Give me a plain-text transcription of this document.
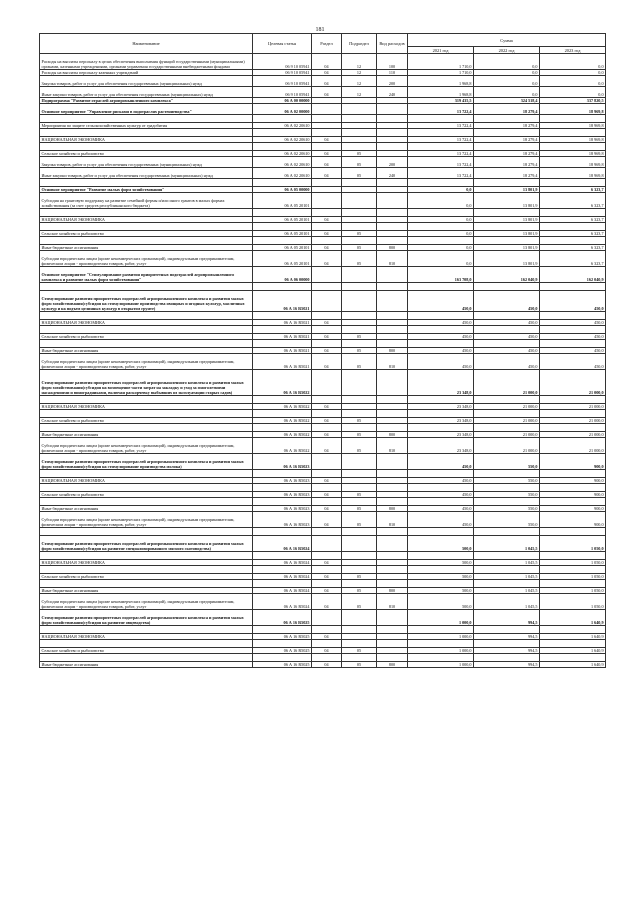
181
Наименование	Целевая статья	Раздел	Подраздел	Вид расходов	Сумма		
					2021 год	2022 год	2023 год
Расходы на выплаты персоналу в целях обеспечения выполнения функций государственными (муниципальными) органами, казенными учреждениями, органами управления государственными внебюджетными фондами	06 9 10 05941	04	12	100	1 710,0	0,0	0,0
Расходы на выплаты персоналу казенных учреждений	06 9 10 05941	04	12	110	1 710,0	0,0	0,0
Закупка товаров, работ и услуг для обеспечения государственных (муниципальных) нужд	06 9 10 05941	04	12	200	1 968,8	0,0	0,0
Иные закупки товаров, работ и услуг для обеспечения государственных (муниципальных) нужд	06 9 10 05941	04	12	240	1 968,8	0,0	0,0
Подпрограмма "Развитие отраслей агропромышленного комплекса"	06 А 00 00000				319 435,5	324 518,4	337 820,5
Основное мероприятие "Управление рисками в подотраслях растениеводства"	06 А 02 00000				13 722,4	18 279,4	18 969,8

Мероприятия по защите сельскохозяйственных культур от градобития	06 А 02 20610				13 722,4	18 279,4	18 969,8

НАЦИОНАЛЬНАЯ ЭКОНОМИКА	06 А 02 20610	04			13 722,4	18 279,4	18 969,8

Сельское хозяйство и рыболовство	06 А 02 20610	04	05		13 722,4	18 279,4	18 969,8
Закупка товаров, работ и услуг для обеспечения государственных (муниципальных) нужд	06 А 02 20610	04	05	200	13 722,4	18 279,4	18 969,8
Иные закупки товаров, работ и услуг для обеспечения государственных (муниципальных) нужд	06 А 02 20610	04	05	240	13 722,4	18 279,4	18 969,8

Основное мероприятие "Развитие малых форм хозяйствования"	06 А 05 00000				0,0	13 801,9	6 323,7
Субсидия на грантовую поддержку на развитие семейной фермы и/или иного грантов в малых формах хозяйствования (за счет средств республиканского бюджета)	06 А 05 20101				0,0	13 801,9	6 323,7

НАЦИОНАЛЬНАЯ ЭКОНОМИКА	06 А 05 20101	04			0,0	13 801,9	6 323,7

Сельское хозяйство и рыболовство	06 А 05 20101	04	05		0,0	13 801,9	6 323,7

Иные бюджетные ассигнования	06 А 05 20101	04	05	800	0,0	13 801,9	6 323,7
Субсидии юридическим лицам (кроме некоммерческих организаций), индивидуальным предпринимателям, физическим лицам - производителям товаров, работ, услуг	06 А 05 20101	04	05	810	0,0	13 801,9	6 323,7
Основное мероприятие "Стимулирование развития приоритетных подотраслей агропромышленного комплекса и развитие малых форм хозяйствования"	06 А 06 00000				163 708,0	162 040,9	162 040,9

Стимулирование развития приоритетных подотраслей агропромышленного комплекса и развития малых форм хозяйствования(субсидия на стимулирование производства овощных и ягодных культур, масличных культур и на подъем целинных культур в открытом грунте)	06 А 16 R5021				450,0	450,0	450,0

НАЦИОНАЛЬНАЯ ЭКОНОМИКА	06 А 16 R5021	04			450,0	450,0	450,0

Сельское хозяйство и рыболовство	06 А 16 R5021	04	05		450,0	450,0	450,0

Иные бюджетные ассигнования	06 А 16 R5021	04	05	800	450,0	450,0	450,0
Субсидии юридическим лицам (кроме некоммерческих организаций), индивидуальным предпринимателям, физическим лицам - производителям товаров, работ, услуг	06 А 16 R5021	04	05	810	450,0	450,0	450,0
Стимулирование развития приоритетных подотраслей агропромышленного комплекса и развития малых форм хозяйствования(субсидия на возмещение части затрат на закладку и уход за многолетними насаждениями и виноградниками, включая раскорчевку выбывших из эксплуатации старых садов)	06 А 16 R5022				23 348,0	21 000,0	21 000,0

НАЦИОНАЛЬНАЯ ЭКОНОМИКА	06 А 16 R5022	04			23 348,0	21 000,0	21 000,0

Сельское хозяйство и рыболовство	06 А 16 R5022	04	05		23 348,0	21 000,0	21 000,0

Иные бюджетные ассигнования	06 А 16 R5022	04	05	800	23 348,0	21 000,0	21 000,0
Субсидии юридическим лицам (кроме некоммерческих организаций), индивидуальным предпринимателям, физическим лицам - производителям товаров, работ, услуг	06 А 16 R5022	04	05	810	23 348,0	21 000,0	21 000,0
Стимулирование развития приоритетных подотраслей агропромышленного комплекса и развития малых форм хозяйствования(субсидия на стимулирование производства молока)	06 А 16 R5023				450,0	550,0	900,0

НАЦИОНАЛЬНАЯ ЭКОНОМИКА	06 А 16 R5023	04			450,0	550,0	900,0

Сельское хозяйство и рыболовство	06 А 16 R5023	04	05		450,0	550,0	900,0

Иные бюджетные ассигнования	06 А 16 R5023	04	05	800	450,0	550,0	900,0
Субсидии юридическим лицам (кроме некоммерческих организаций), индивидуальным предпринимателям, физическим лицам - производителям товаров, работ, услуг	06 А 16 R5023	04	05	810	450,0	550,0	900,0

Стимулирование развития приоритетных подотраслей агропромышленного комплекса и развития малых форм хозяйствования(субсидия на развитие специализированного мясного скотоводства)	06 А 16 R5024				500,0	1 045,5	1 050,0

НАЦИОНАЛЬНАЯ ЭКОНОМИКА	06 А 16 R5024	04			500,0	1 045,5	1 050,0

Сельское хозяйство и рыболовство	06 А 16 R5024	04	05		500,0	1 045,5	1 050,0

Иные бюджетные ассигнования	06 А 16 R5024	04	05	800	500,0	1 045,5	1 050,0
Субсидии юридическим лицам (кроме некоммерческих организаций), индивидуальным предпринимателям, физическим лицам - производителям товаров, работ, услуг	06 А 16 R5024	04	05	810	500,0	1 045,5	1 050,0
Стимулирование развития приоритетных подотраслей агропромышленного комплекса и развития малых форм хозяйствования(субсидия на развитие овцеводства)	06 А 16 R5025				1 000,0	994,5	1 640,9

НАЦИОНАЛЬНАЯ ЭКОНОМИКА	06 А 16 R5025	04			1 000,0	994,5	1 640,9

Сельское хозяйство и рыболовство	06 А 16 R5025	04	05		1 000,0	994,5	1 640,9

Иные бюджетные ассигнования	06 А 16 R5025	04	05	800	1 000,0	994,5	1 640,9
